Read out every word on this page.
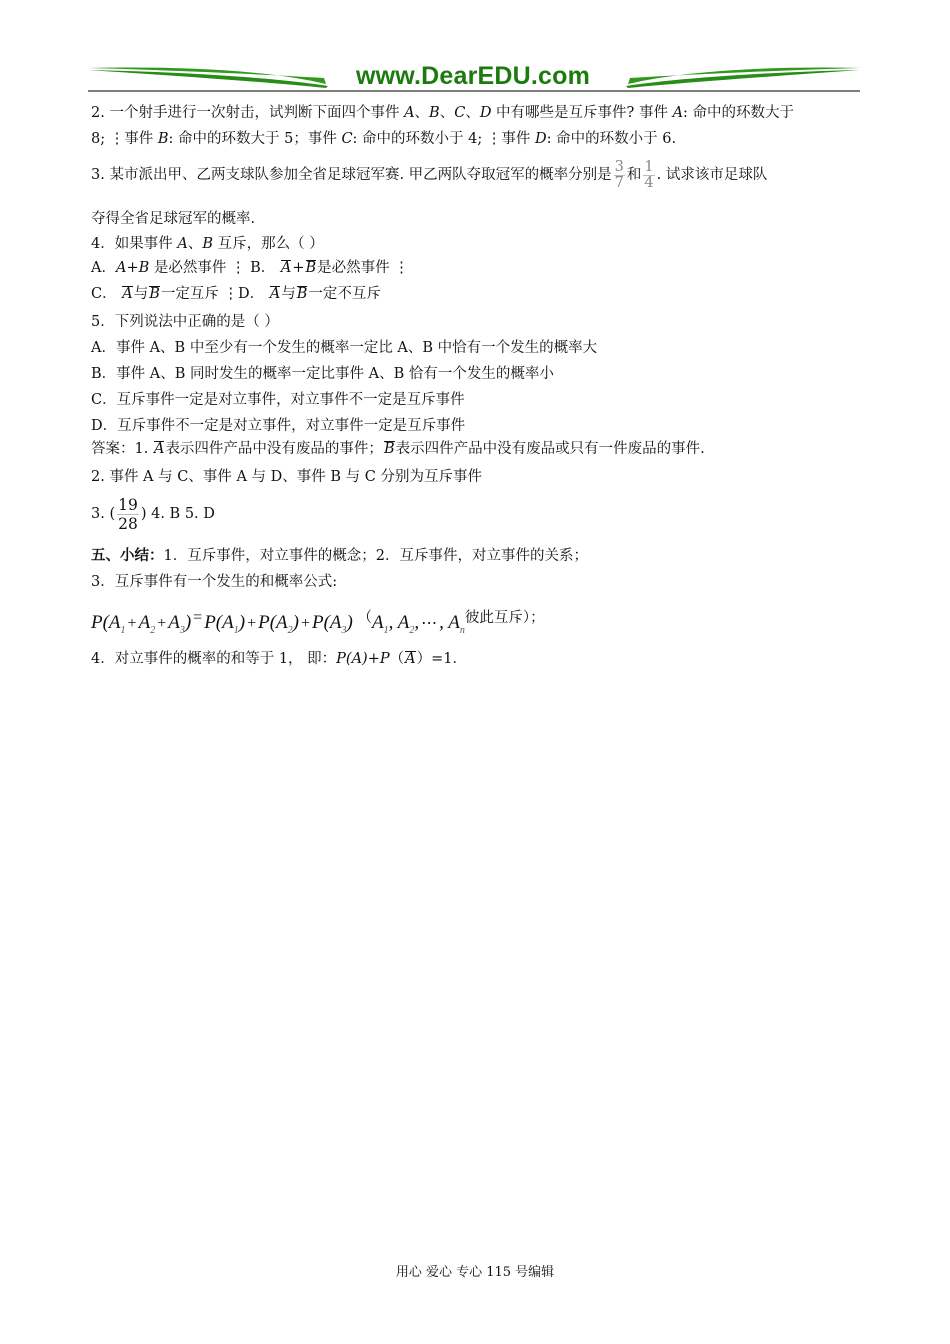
www.DearEDU.com
2. 一个射手进行一次射击，试判断下面四个事件 A、B、C、D 中有哪些是互斥事件? 事件 A: 命中的环数大于
8; ⋮事件 B: 命中的环数大于 5；事件 C: 命中的环数小于 4; ⋮事件 D: 命中的环数小于 6.
3. 某市派出甲、乙两支球队参加全省足球冠军赛. 甲乙两队夺取冠军的概率分别是 $\frac{3}{7}$ 和 $\frac{1}{4}$ . 试求该市足球队
夺得全省足球冠军的概率.
4．如果事件 A、B 互斥，那么（ ）
A．A+B 是必然事件 ⋮ B． A+B是必然事件 ⋮
C． A与B一定互斥 ⋮D． A与B一定不互斥
5．下列说法中正确的是（ ）
A．事件 A、B 中至少有一个发生的概率一定比 A、B 中恰有一个发生的概率大
B．事件 A、B 同时发生的概率一定比事件 A、B 恰有一个发生的概率小
C．互斥事件一定是对立事件，对立事件不一定是互斥事件
D．互斥事件不一定是对立事件，对立事件一定是互斥事件
答案：1. A表示四件产品中没有废品的事件；B表示四件产品中没有废品或只有一件废品的事件.
2. 事件 A 与 C、事件 A 与 D、事件 B 与 C 分别为互斥事件
3. ( $\frac{19}{28}$ ) 4. B 5. D
五、小结：1．互斥事件，对立事件的概念；2．互斥事件，对立事件的关系；
3．互斥事件有一个发生的和概率公式:
$P(A_1 + A_2 + A_3)$ = $P(A_1) + P(A_2) + P(A_3)$ （$A_1$, $A_2$, ⋯ , $A_n$彼此互斥）；
4．对立事件的概率的和等于 1， 即：P(A)+P（A）=1．
用心 爱心 专心 115 号编辑
